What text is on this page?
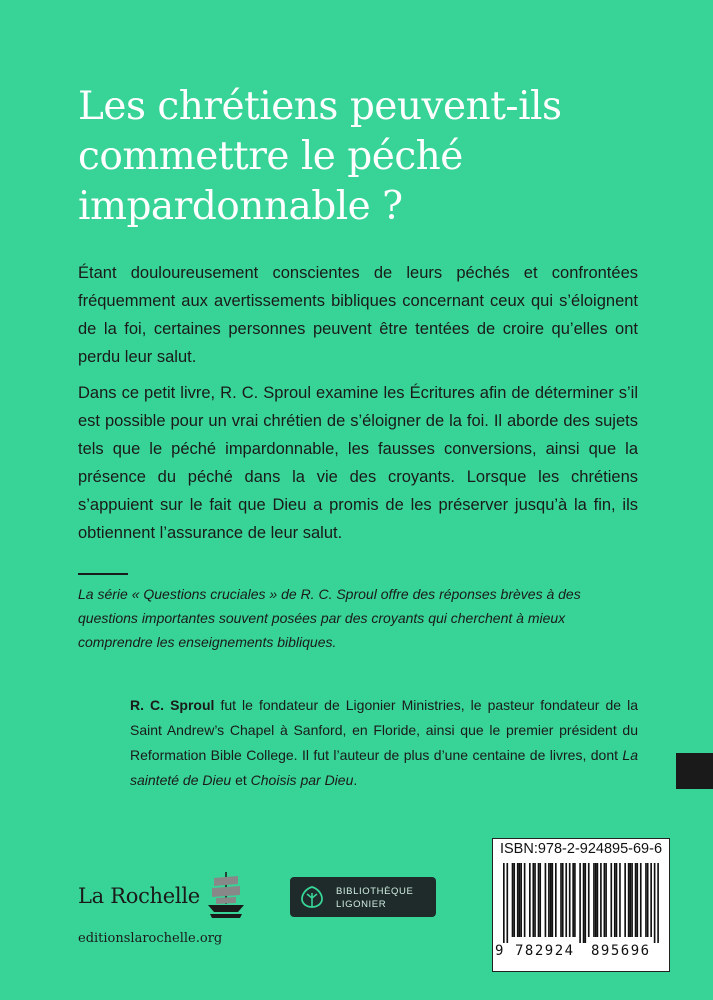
Les chrétiens peuvent-ils
commettre le péché
impardonnable ?

Étant douloureusement conscientes de leurs péchés et confrontées fréquemment aux avertissements bibliques concernant ceux qui s’éloignent de la foi, certaines personnes peuvent être tentées de croire qu’elles ont perdu leur salut.

Dans ce petit livre, R. C. Sproul examine les Écritures afin de déterminer s’il est possible pour un vrai chrétien de s’éloigner de la foi. Il aborde des sujets tels que le péché impardonnable, les fausses conversions, ainsi que la présence du péché dans la vie des croyants. Lorsque les chrétiens s’appuient sur le fait que Dieu a promis de les préserver jusqu’à la fin, ils obtiennent l’assurance de leur salut.

La série « Questions cruciales » de R. C. Sproul offre des réponses brèves à des questions importantes souvent posées par des croyants qui cherchent à mieux comprendre les enseignements bibliques.

R. C. Sproul fut le fondateur de Ligonier Ministries, le pasteur fondateur de la Saint Andrew’s Chapel à Sanford, en Floride, ainsi que le premier président du Reformation Bible College. Il fut l’auteur de plus d’une centaine de livres, dont La sainteté de Dieu et Choisis par Dieu.

La Rochelle
editionslarochelle.org
BIBLIOTHÈQUE
LIGONIER
ISBN:978-2-924895-69-6
9 782924 895696
